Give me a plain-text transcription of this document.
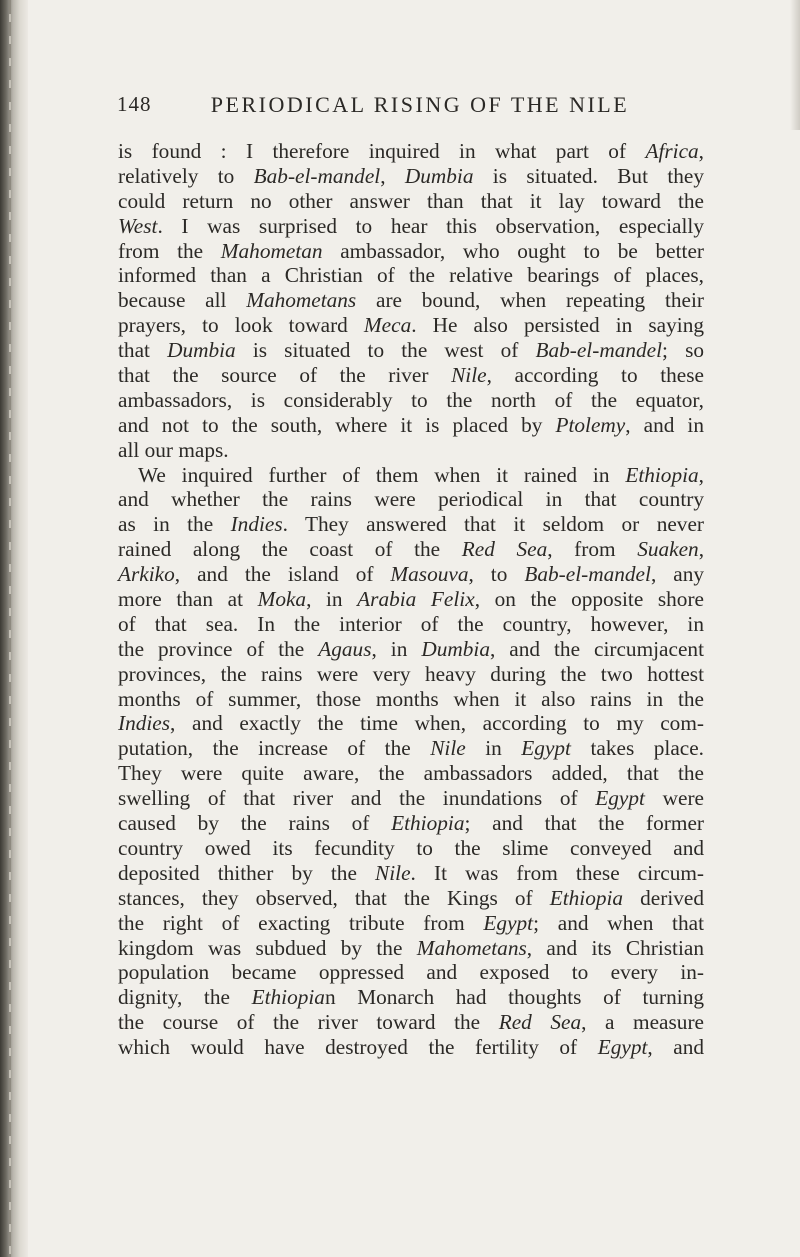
148	PERIODICAL RISING OF THE NILE
is found : I therefore inquired in what part of Africa,
relatively to Bab-el-mandel, Dumbia is situated. But they
could return no other answer than that it lay toward the
West. I was surprised to hear this observation, especially
from the Mahometan ambassador, who ought to be better
informed than a Christian of the relative bearings of places,
because all Mahometans are bound, when repeating their
prayers, to look toward Meca. He also persisted in saying
that Dumbia is situated to the west of Bab-el-mandel; so
that the source of the river Nile, according to these
ambassadors, is considerably to the north of the equator,
and not to the south, where it is placed by Ptolemy, and in
all our maps.
We inquired further of them when it rained in Ethiopia,
and whether the rains were periodical in that country
as in the Indies. They answered that it seldom or never
rained along the coast of the Red Sea, from Suaken,
Arkiko, and the island of Masouva, to Bab-el-mandel, any
more than at Moka, in Arabia Felix, on the opposite shore
of that sea. In the interior of the country, however, in
the province of the Agaus, in Dumbia, and the circumjacent
provinces, the rains were very heavy during the two hottest
months of summer, those months when it also rains in the
Indies, and exactly the time when, according to my com-
putation, the increase of the Nile in Egypt takes place.
They were quite aware, the ambassadors added, that the
swelling of that river and the inundations of Egypt were
caused by the rains of Ethiopia; and that the former
country owed its fecundity to the slime conveyed and
deposited thither by the Nile. It was from these circum-
stances, they observed, that the Kings of Ethiopia derived
the right of exacting tribute from Egypt; and when that
kingdom was subdued by the Mahometans, and its Christian
population became oppressed and exposed to every in-
dignity, the Ethiopian Monarch had thoughts of turning
the course of the river toward the Red Sea, a measure
which would have destroyed the fertility of Egypt, and
